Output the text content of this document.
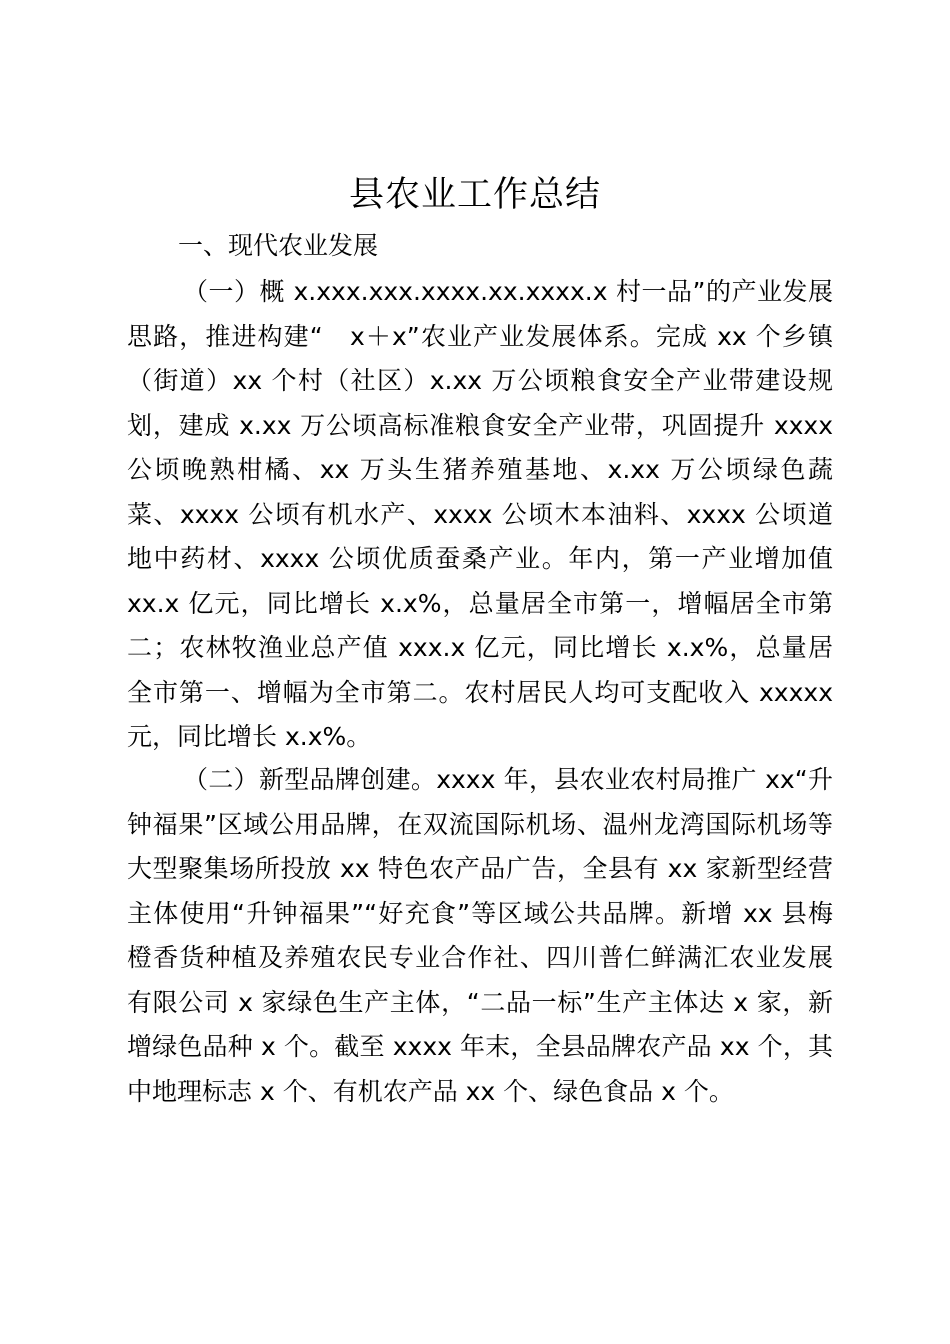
县农业工作总结
一、现代农业发展
（一）概 x.xxx.xxx.xxxx.xx.xxxx.x 村一品”的产业发展
思路，推进构建“　x＋x”农业产业发展体系。完成 xx 个乡镇
（街道）xx 个村（社区）x.xx 万公顷粮食安全产业带建设规
划，建成 x.xx 万公顷高标准粮食安全产业带，巩固提升 xxxx
公顷晚熟柑橘、xx 万头生猪养殖基地、x.xx 万公顷绿色蔬
菜、xxxx 公顷有机水产、xxxx 公顷木本油料、xxxx 公顷道
地中药材、xxxx 公顷优质蚕桑产业。年内，第一产业增加值
xx.x 亿元，同比增长 x.x%，总量居全市第一，增幅居全市第
二；农林牧渔业总产值 xxx.x 亿元，同比增长 x.x%，总量居
全市第一、增幅为全市第二。农村居民人均可支配收入 xxxxx
元，同比增长 x.x%。
（二）新型品牌创建。xxxx 年，县农业农村局推广 xx“升
钟福果”区域公用品牌，在双流国际机场、温州龙湾国际机场等
大型聚集场所投放 xx 特色农产品广告，全县有 xx 家新型经营
主体使用“升钟福果”“好充食”等区域公共品牌。新增 xx 县梅
橙香货种植及养殖农民专业合作社、四川普仁鲜满汇农业发展
有限公司 x 家绿色生产主体，“二品一标”生产主体达 x 家，新
增绿色品种 x 个。截至 xxxx 年末，全县品牌农产品 xx 个，其
中地理标志 x 个、有机农产品 xx 个、绿色食品 x 个。
